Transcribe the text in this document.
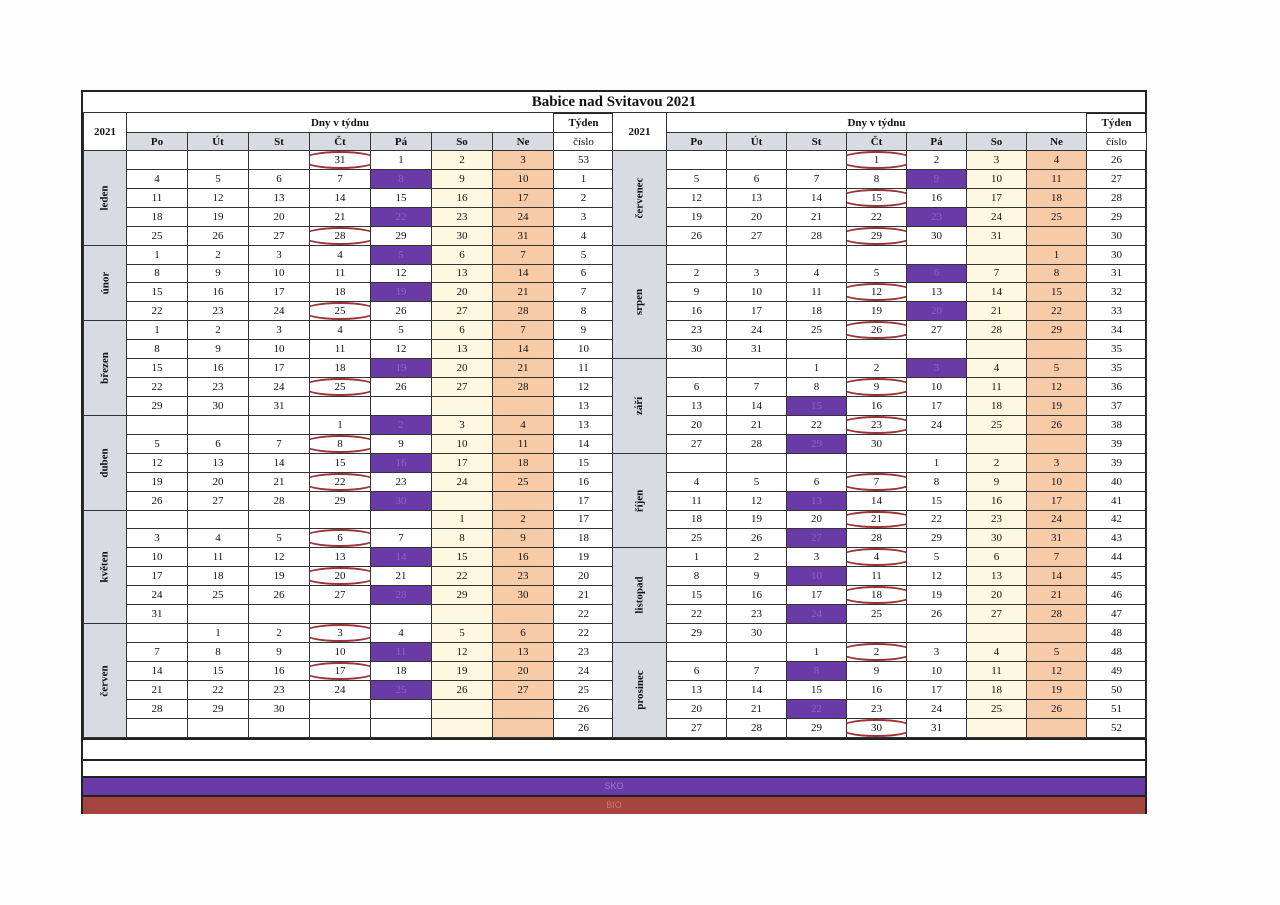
Babice nad Svitavou 2021
2021	Dny v týdnu							Týden
	Po	Út	St	Čt	Pá	So	Ne	číslo
leden				31	1	2	3	53
	4	5	6	7	8	9	10	1
	11	12	13	14	15	16	17	2
	18	19	20	21	22	23	24	3
	25	26	27	28	29	30	31	4
únor	1	2	3	4	5	6	7	5
	8	9	10	11	12	13	14	6
	15	16	17	18	19	20	21	7
	22	23	24	25	26	27	28	8
březen	1	2	3	4	5	6	7	9
	8	9	10	11	12	13	14	10
	15	16	17	18	19	20	21	11
	22	23	24	25	26	27	28	12
	29	30	31					13
duben				1	2	3	4	13
	5	6	7	8	9	10	11	14
	12	13	14	15	16	17	18	15
	19	20	21	22	23	24	25	16
	26	27	28	29	30			17
květen						1	2	17
	3	4	5	6	7	8	9	18
	10	11	12	13	14	15	16	19
	17	18	19	20	21	22	23	20
	24	25	26	27	28	29	30	21
	31							22
červen		1	2	3	4	5	6	22
	7	8	9	10	11	12	13	23
	14	15	16	17	18	19	20	24
	21	22	23	24	25	26	27	25
	28	29	30					26
								26
2021	Dny v týdnu							Týden
	Po	Út	St	Čt	Pá	So	Ne	číslo
červenec				1	2	3	4	26
	5	6	7	8	9	10	11	27
	12	13	14	15	16	17	18	28
	19	20	21	22	23	24	25	29
	26	27	28	29	30	31		30
srpen							1	30
	2	3	4	5	6	7	8	31
	9	10	11	12	13	14	15	32
	16	17	18	19	20	21	22	33
	23	24	25	26	27	28	29	34
	30	31						35
září			1	2	3	4	5	35
	6	7	8	9	10	11	12	36
	13	14	15	16	17	18	19	37
	20	21	22	23	24	25	26	38
	27	28	29	30				39
říjen					1	2	3	39
	4	5	6	7	8	9	10	40
	11	12	13	14	15	16	17	41
	18	19	20	21	22	23	24	42
	25	26	27	28	29	30	31	43
listopad	1	2	3	4	5	6	7	44
	8	9	10	11	12	13	14	45
	15	16	17	18	19	20	21	46
	22	23	24	25	26	27	28	47
	29	30						48
prosinec			1	2	3	4	5	48
	6	7	8	9	10	11	12	49
	13	14	15	16	17	18	19	50
	20	21	22	23	24	25	26	51
	27	28	29	30	31			52
SKO
BIO
